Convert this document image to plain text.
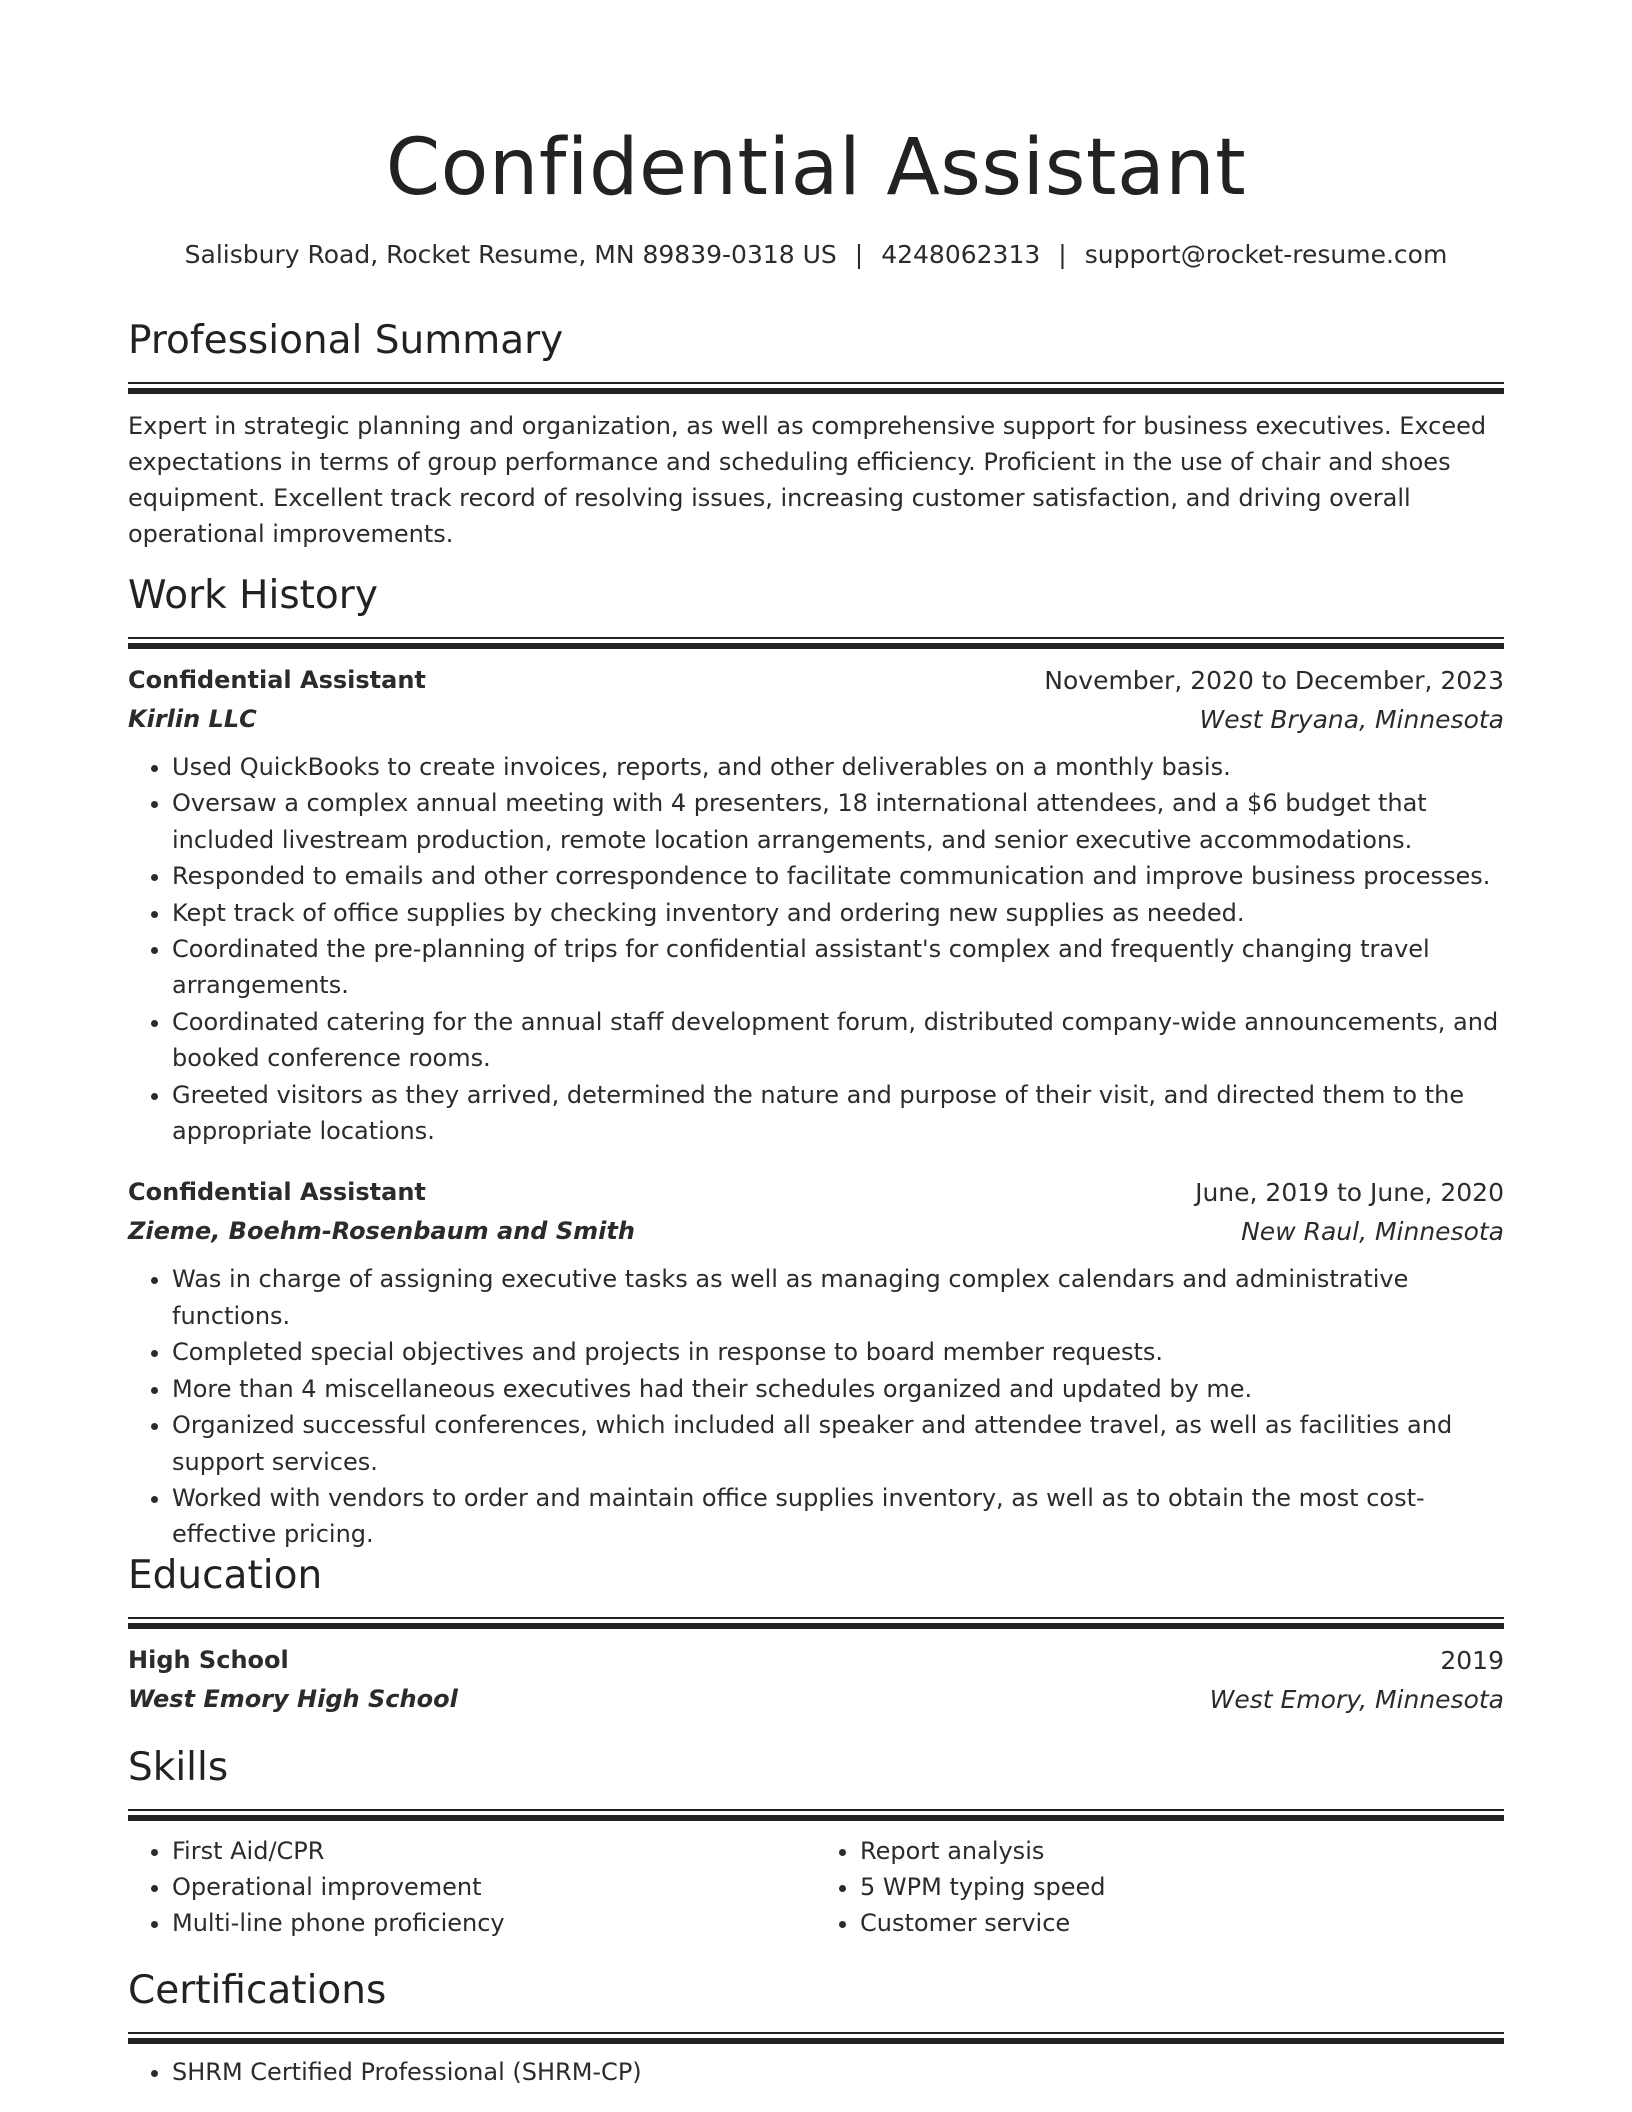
Confidential Assistant
Salisbury Road, Rocket Resume, MN 89839-0318 US | 4248062313 | support@rocket-resume.com
Professional Summary

Expert in strategic planning and organization, as well as comprehensive support for business executives. Exceed expectations in terms of group performance and scheduling efficiency. Proficient in the use of chair and shoes equipment. Excellent track record of resolving issues, increasing customer satisfaction, and driving overall operational improvements.

Work History
Confidential Assistant	November, 2020 to December, 2023
Kirlin LLC	West Bryana, Minnesota
• Used QuickBooks to create invoices, reports, and other deliverables on a monthly basis.
• Oversaw a complex annual meeting with 4 presenters, 18 international attendees, and a $6 budget that included livestream production, remote location arrangements, and senior executive accommodations.
• Responded to emails and other correspondence to facilitate communication and improve business processes.
• Kept track of office supplies by checking inventory and ordering new supplies as needed.
• Coordinated the pre-planning of trips for confidential assistant's complex and frequently changing travel arrangements.
• Coordinated catering for the annual staff development forum, distributed company-wide announcements, and booked conference rooms.
• Greeted visitors as they arrived, determined the nature and purpose of their visit, and directed them to the appropriate locations.
Confidential Assistant	June, 2019 to June, 2020
Zieme, Boehm-Rosenbaum and Smith	New Raul, Minnesota
• Was in charge of assigning executive tasks as well as managing complex calendars and administrative functions.
• Completed special objectives and projects in response to board member requests.
• More than 4 miscellaneous executives had their schedules organized and updated by me.
• Organized successful conferences, which included all speaker and attendee travel, as well as facilities and support services.
• Worked with vendors to order and maintain office supplies inventory, as well as to obtain the most cost-effective pricing.
Education
High School	2019
West Emory High School	West Emory, Minnesota
Skills
• First Aid/CPR
• Operational improvement
• Multi-line phone proficiency
• Report analysis
• 5 WPM typing speed
• Customer service
Certifications
• SHRM Certified Professional (SHRM-CP)
